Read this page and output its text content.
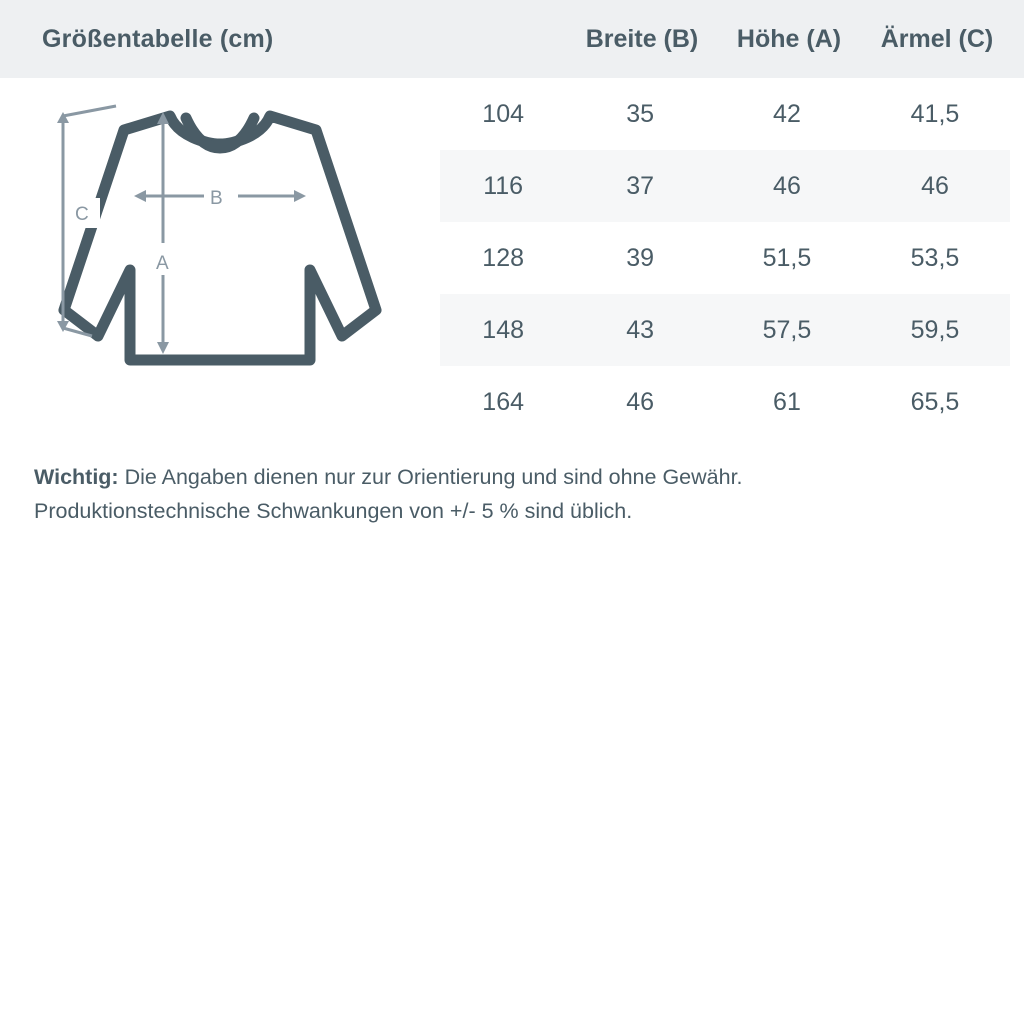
Größentabelle (cm)	Breite (B)	Höhe (A)	Ärmel (C)
C
B
A
104	35	42	41,5
116	37	46	46
128	39	51,5	53,5
148	43	57,5	59,5
164	46	61	65,5
Wichtig: Die Angaben dienen nur zur Orientierung und sind ohne Gewähr.
Produktionstechnische Schwankungen von +/- 5 % sind üblich.
